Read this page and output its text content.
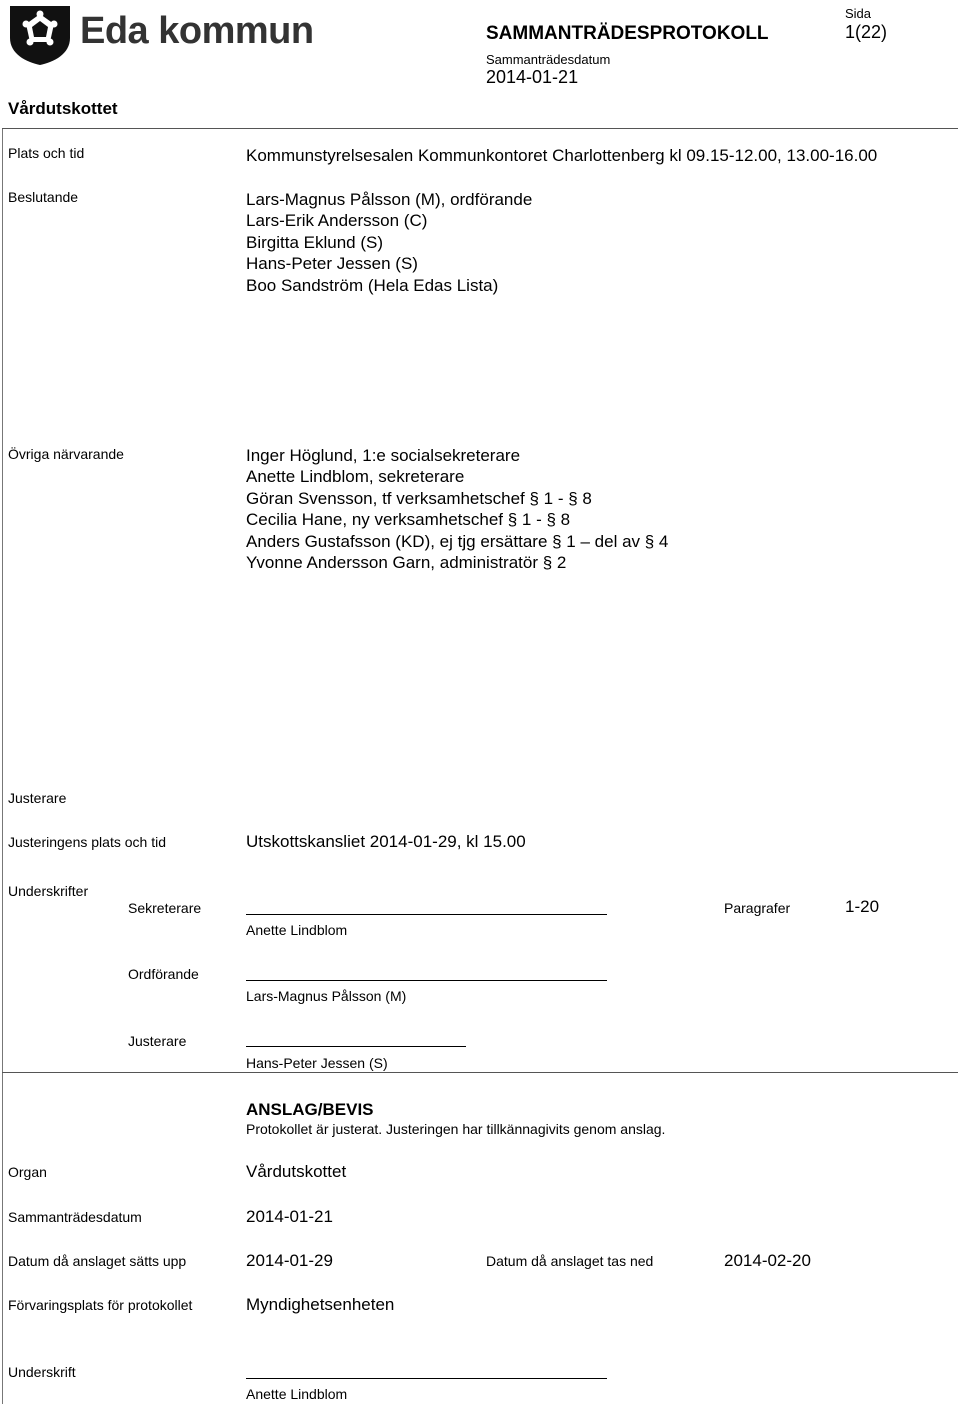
Eda kommun	SAMMANTRÄDESPROTOKOLL
Sammanträdesdatum
2014-01-21
Sida
1(22)
Vårdutskottet
Plats och tid	Kommunstyrelsesalen Kommunkontoret Charlottenberg kl 09.15-12.00, 13.00-16.00
Beslutande	Lars-Magnus Pålsson (M), ordförande
Lars-Erik Andersson (C)
Birgitta Eklund (S)
Hans-Peter Jessen (S)
Boo Sandström (Hela Edas Lista)
Övriga närvarande	Inger Höglund, 1:e socialsekreterare
Anette Lindblom, sekreterare
Göran Svensson, tf verksamhetschef § 1 - § 8
Cecilia Hane, ny verksamhetschef § 1 - § 8
Anders Gustafsson (KD), ej tjg ersättare § 1 – del av § 4
Yvonne Andersson Garn, administratör § 2
Justerare
Justeringens plats och tid	Utskottskansliet 2014-01-29, kl 15.00
Underskrifter
Sekreterare
Anette Lindblom
Paragrafer	1-20
Ordförande
Lars-Magnus Pålsson (M)
Justerare
Hans-Peter Jessen (S)
ANSLAG/BEVIS
Protokollet är justerat. Justeringen har tillkännagivits genom anslag.
Organ	Vårdutskottet
Sammanträdesdatum	2014-01-21
Datum då anslaget sätts upp	2014-01-29	Datum då anslaget tas ned	2014-02-20
Förvaringsplats för protokollet	Myndighetsenheten
Underskrift
Anette Lindblom
